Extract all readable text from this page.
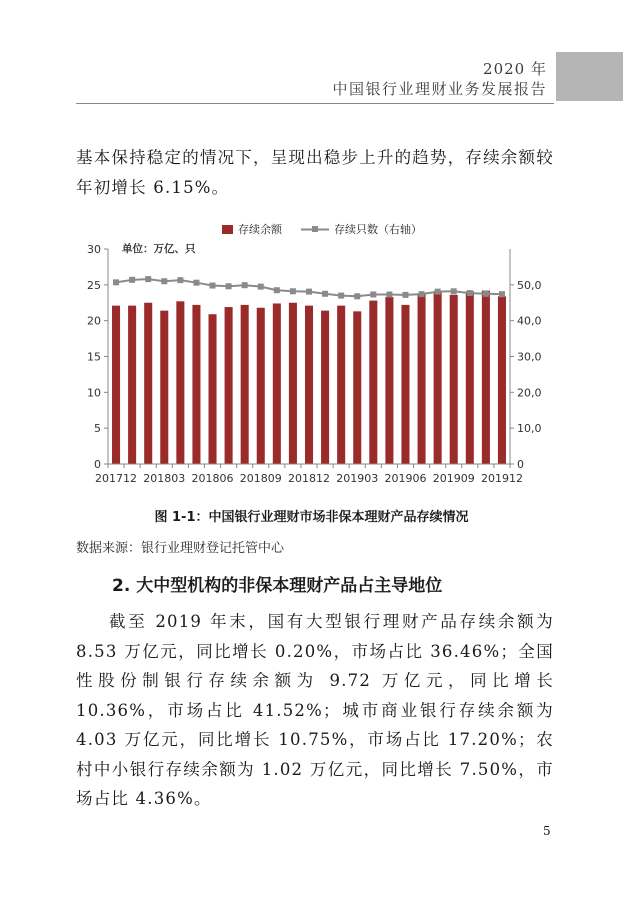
2020 年
中国银行业理财业务发展报告

基本保持稳定的情况下，呈现出稳步上升的趋势，存续余额较年初增长 6.15%。

存续余额	存续只数（右轴）
单位：万亿、只
0
5
10
15
20
25
30
0
10,0
20,0
30,0
40,0
50,0
201712 201803 201806 201809 201812 201903 201906 201909 201912
图 1-1：中国银行业理财市场非保本理财产品存续情况
数据来源：银行业理财登记托管中心
2. 大中型机构的非保本理财产品占主导地位

截至 2019 年末，国有大型银行理财产品存续余额为 8.53 万亿元，同比增长 0.20%，市场占比 36.46%；全国性股份制银行存续余额为 9.72 万亿元，同比增长 10.36%，市场占比 41.52%；城市商业银行存续余额为 4.03 万亿元，同比增长 10.75%，市场占比 17.20%；农村中小银行存续余额为 1.02 万亿元，同比增长 7.50%，市场占比 4.36%。

5
